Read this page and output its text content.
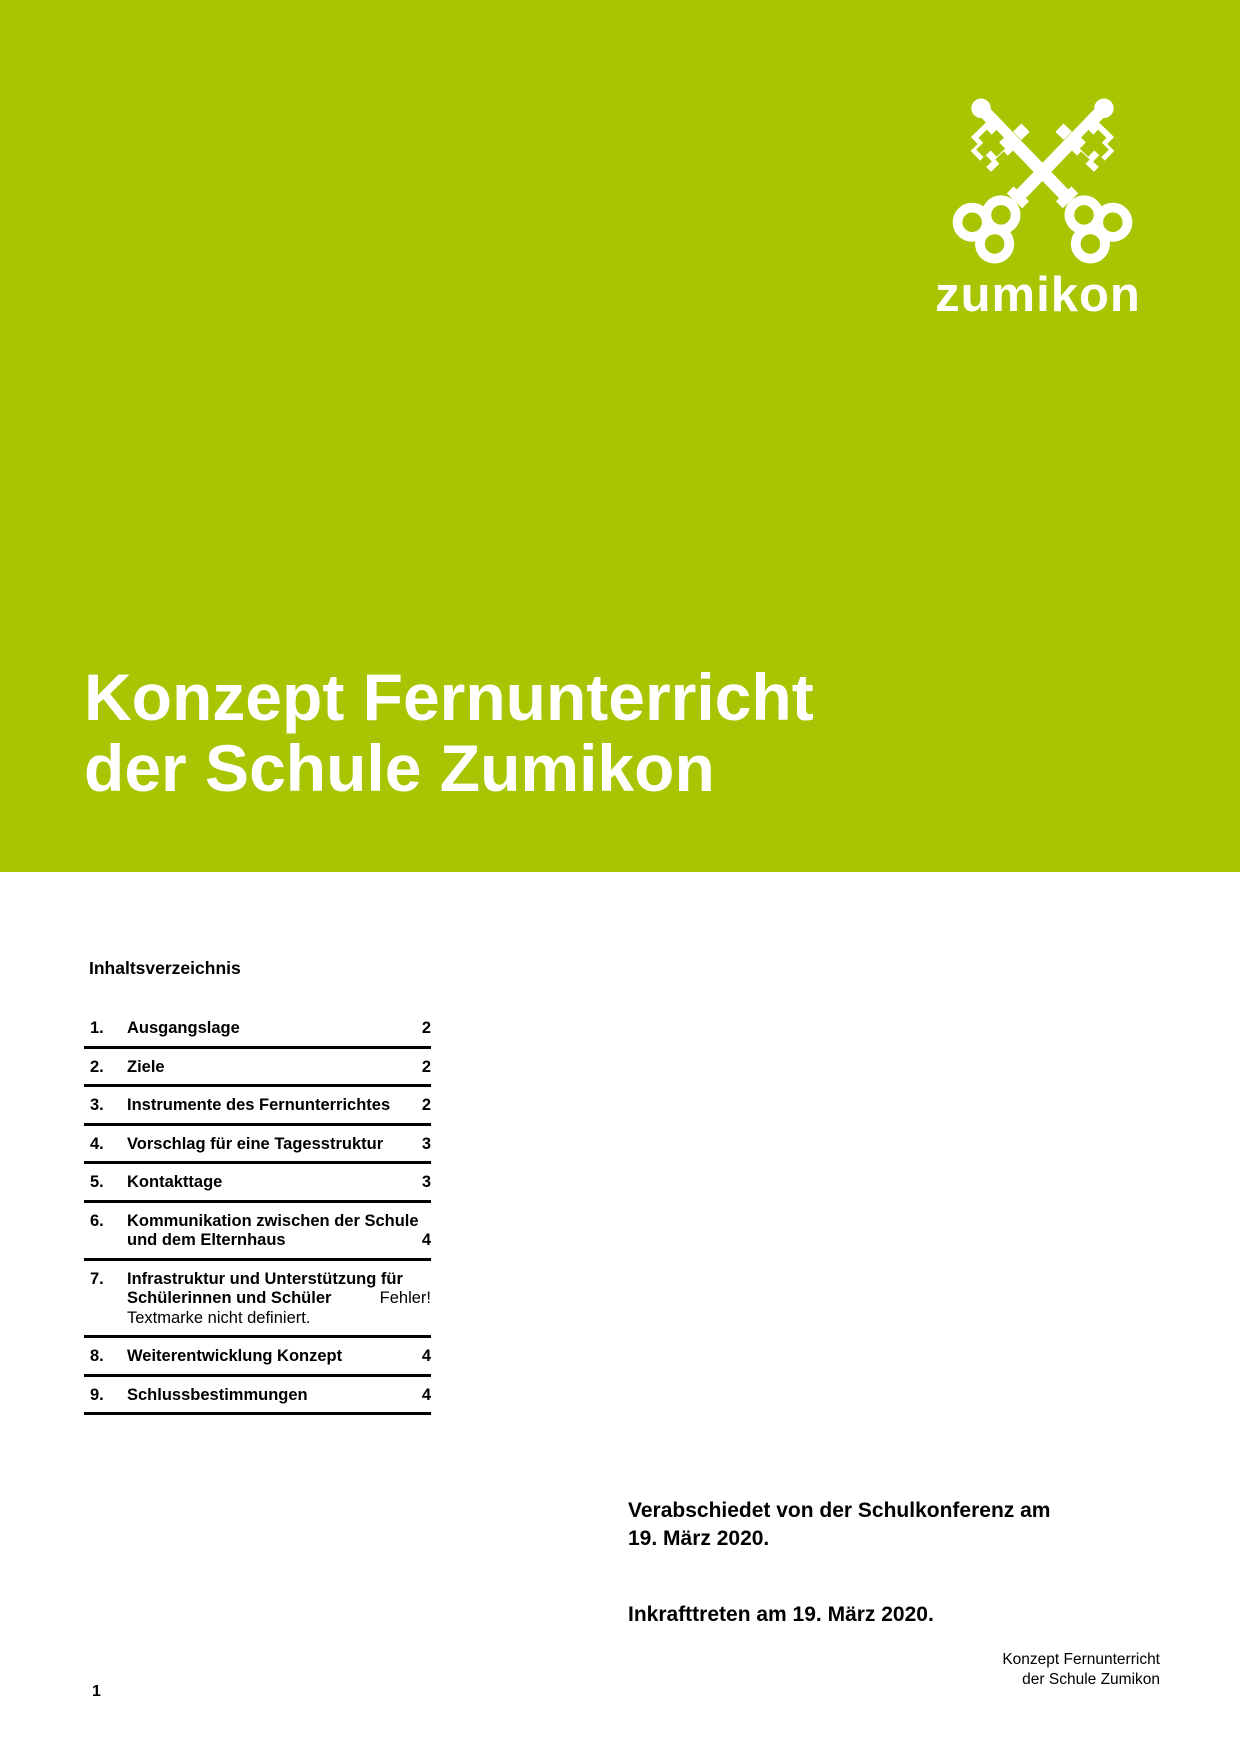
zumikon
Konzept Fernunterricht
der Schule Zumikon
Inhaltsverzeichnis
1.	Ausgangslage	2
2.	Ziele	2
3.	Instrumente des Fernunterrichtes 2
4.	Vorschlag für eine Tagesstruktur 3
5.	Kontakttage	3
6.	Kommunikation zwischen der Schule
und dem Elternhaus	4
7.	Infrastruktur und Unterstützung für
Schülerinnen und Schüler	Fehler!
Textmarke nicht definiert.
8.	Weiterentwicklung Konzept	4
9.	Schlussbestimmungen	4
Verabschiedet von der Schulkonferenz am
19. März 2020.
Inkrafttreten am 19. März 2020.
Konzept Fernunterricht
der Schule Zumikon
1
